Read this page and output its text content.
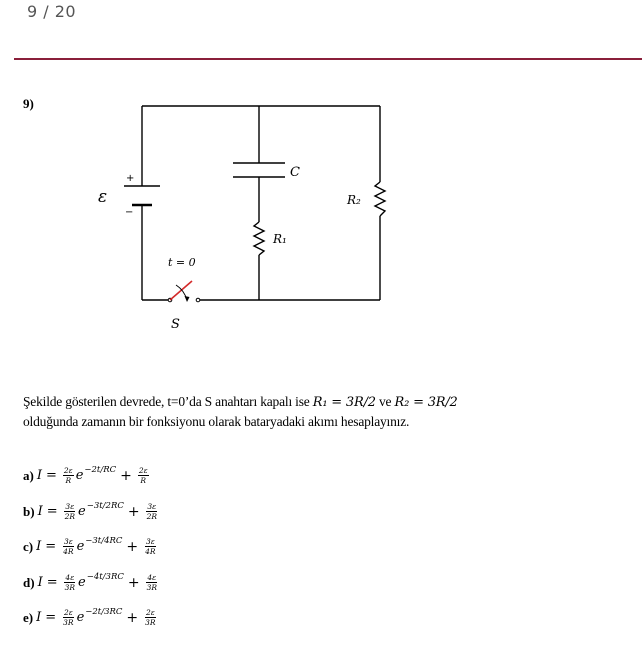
9 / 20
9)
ε
+
−
C
R₁
R₂
t = 0
S
Şekilde gösterilen devrede, t=0’da S anahtarı kapalı ise R₁ = 3R/2 ve R₂ = 3R/2
olduğunda zamanın bir fonksiyonu olarak bataryadaki akımı hesaplayınız.
a) $I = \frac{2\varepsilon}{R}$ $e -2t/RC + \frac{2\varepsilon}{R}$
b) $I = \frac{3\varepsilon}{2R}$ $e -3t/2RC + \frac{3\varepsilon}{2R}$
c) $I = \frac{3\varepsilon}{4R}$ $e -3t/4RC + \frac{3\varepsilon}{4R}$
d) $I = \frac{4\varepsilon}{3R}$ $e -4t/3RC + \frac{4\varepsilon}{3R}$
e) $I = \frac{2\varepsilon}{3R}$ $e -2t/3RC + \frac{2\varepsilon}{3R}$
